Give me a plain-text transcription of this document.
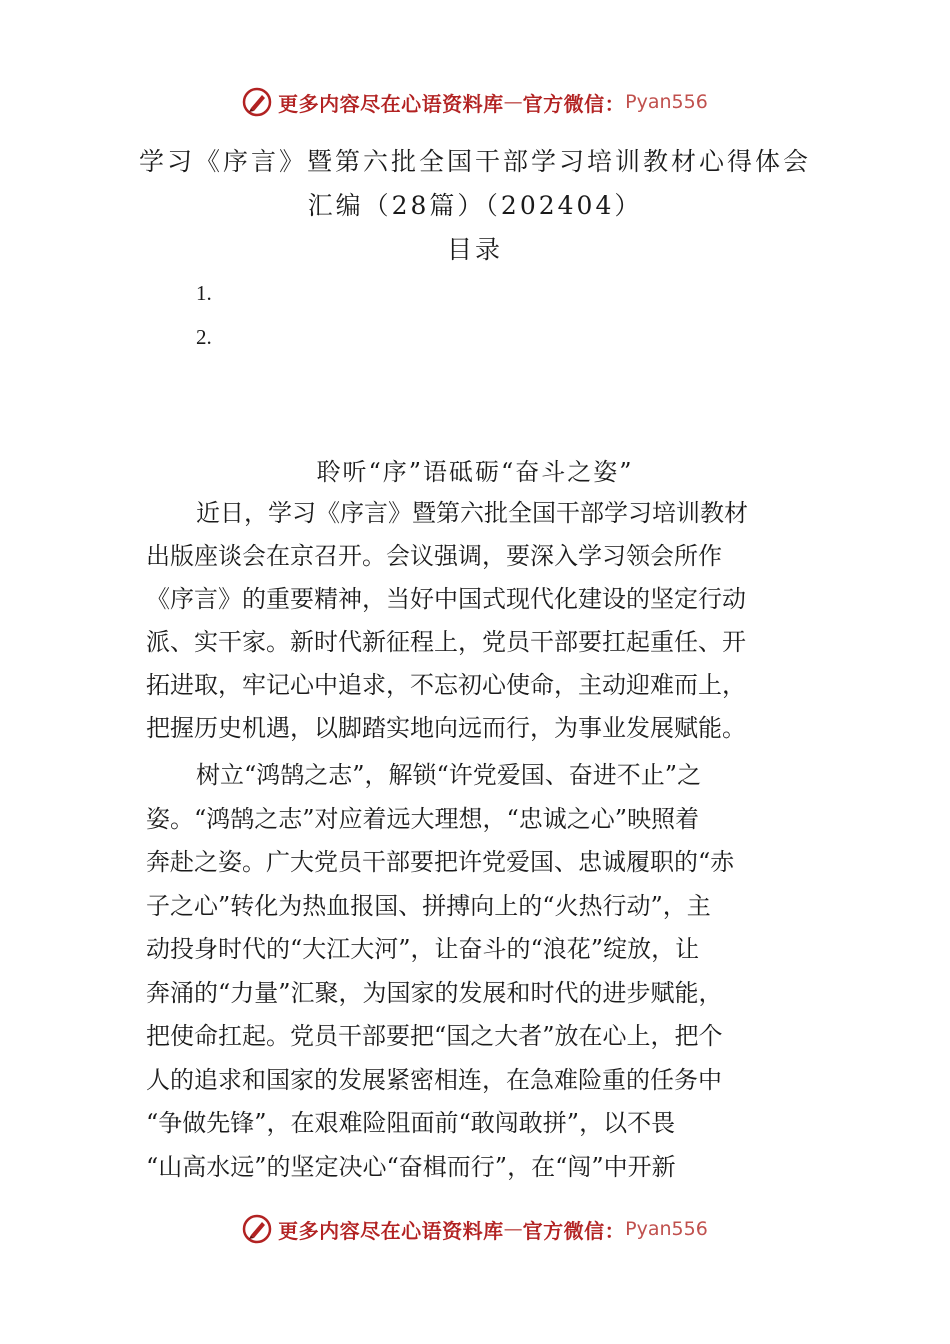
更多内容尽在心语资料库 — 官方微信： Pyan556
学习《序言》暨第六批全国干部学习培训教材心得体会
汇编（28篇）（202404）
目录
1.
2.
聆听“序”语砥砺“奋斗之姿”
近日，学习《序言》暨第六批全国干部学习培训教材
出版座谈会在京召开。会议强调，要深入学习领会所作
《序言》的重要精神，当好中国式现代化建设的坚定行动
派、实干家。新时代新征程上，党员干部要扛起重任、开
拓进取，牢记心中追求，不忘初心使命，主动迎难而上，
把握历史机遇，以脚踏实地向远而行，为事业发展赋能。
树立“鸿鹄之志”，解锁“许党爱国、奋进不止”之
姿。“鸿鹄之志”对应着远大理想，“忠诚之心”映照着
奔赴之姿。广大党员干部要把许党爱国、忠诚履职的“赤
子之心”转化为热血报国、拼搏向上的“火热行动”，主
动投身时代的“大江大河”，让奋斗的“浪花”绽放，让
奔涌的“力量”汇聚，为国家的发展和时代的进步赋能，
把使命扛起。党员干部要把“国之大者”放在心上，把个
人的追求和国家的发展紧密相连，在急难险重的任务中
“争做先锋”，在艰难险阻面前“敢闯敢拼”，以不畏
“山高水远”的坚定决心“奋楫而行”，在“闯”中开新
更多内容尽在心语资料库 — 官方微信： Pyan556
